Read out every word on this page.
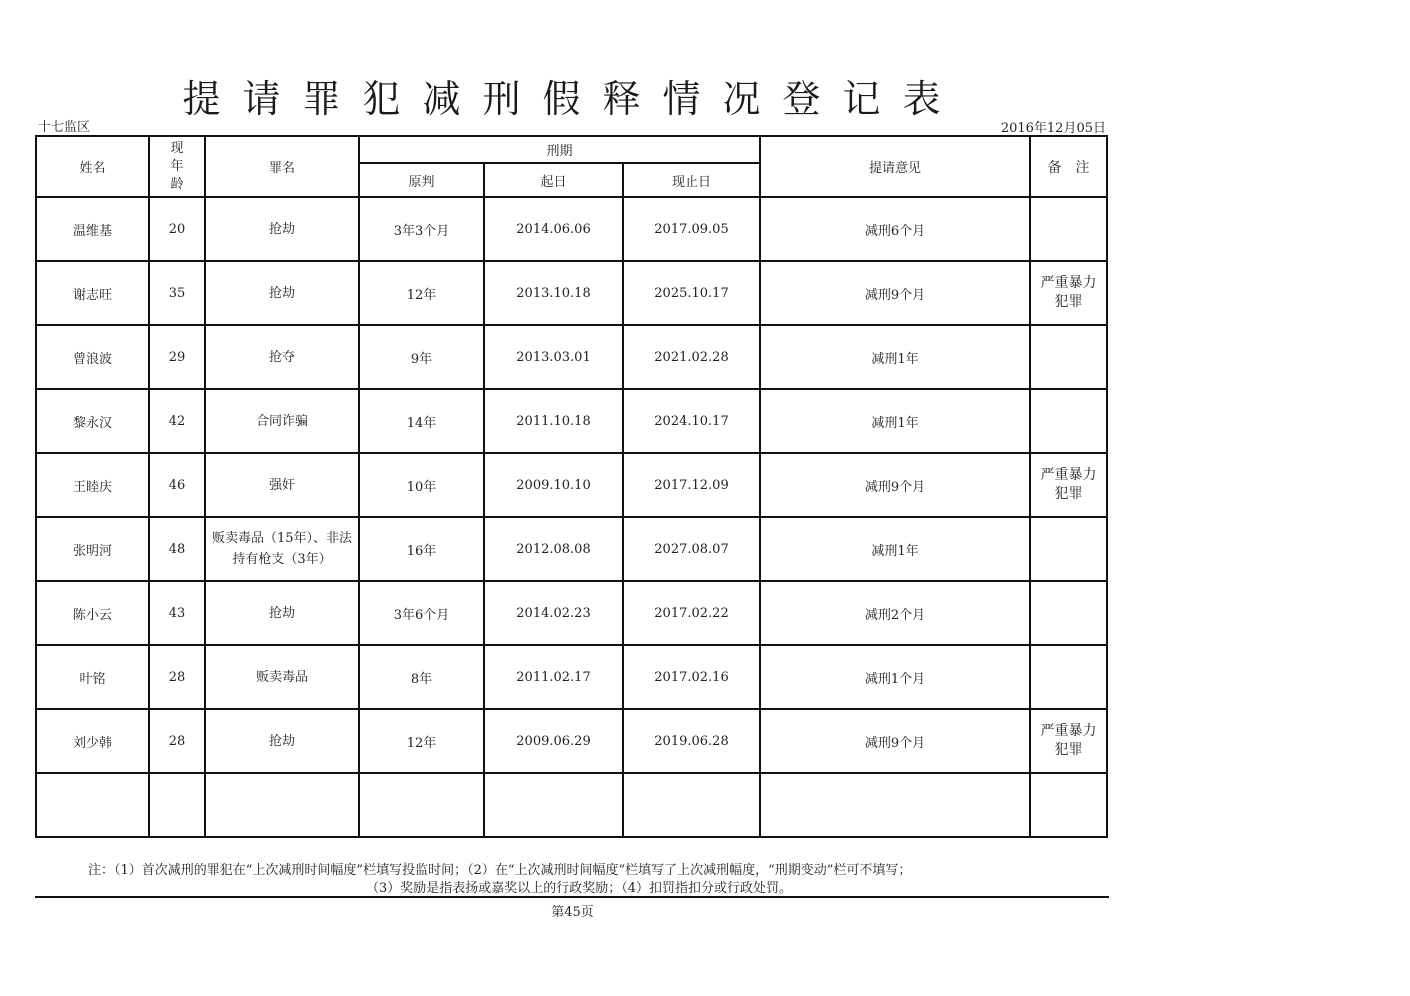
提请罪犯减刑假释情况登记表
十七监区	2016年12月05日
姓名	现年龄	罪名	刑期			提请意见	备　注
			原判	起日	现止日		
温维基	20	抢劫	3年3个月	2014.06.06	2017.09.05	减刑6个月	
谢志旺	35	抢劫	12年	2013.10.18	2025.10.17	减刑9个月	严重暴力犯罪
曾浪波	29	抢夺	9年	2013.03.01	2021.02.28	减刑1年	
黎永汉	42	合同诈骗	14年	2011.10.18	2024.10.17	减刑1年	
王睦庆	46	强奸	10年	2009.10.10	2017.12.09	减刑9个月	严重暴力犯罪
张明河	48	贩卖毒品（15年）、非法持有枪支（3年）	16年	2012.08.08	2027.08.07	减刑1年	
陈小云	43	抢劫	3年6个月	2014.02.23	2017.02.22	减刑2个月	
叶铭	28	贩卖毒品	8年	2011.02.17	2017.02.16	减刑1个月	
刘少韩	28	抢劫	12年	2009.06.29	2019.06.28	减刑9个月	严重暴力犯罪

注：（1）首次减刑的罪犯在“上次减刑时间幅度”栏填写投监时间；（2）在“上次减刑时间幅度”栏填写了上次减刑幅度，“刑期变动”栏可不填写；
（3）奖励是指表扬或嘉奖以上的行政奖励；（4）扣罚指扣分或行政处罚。
第45页
